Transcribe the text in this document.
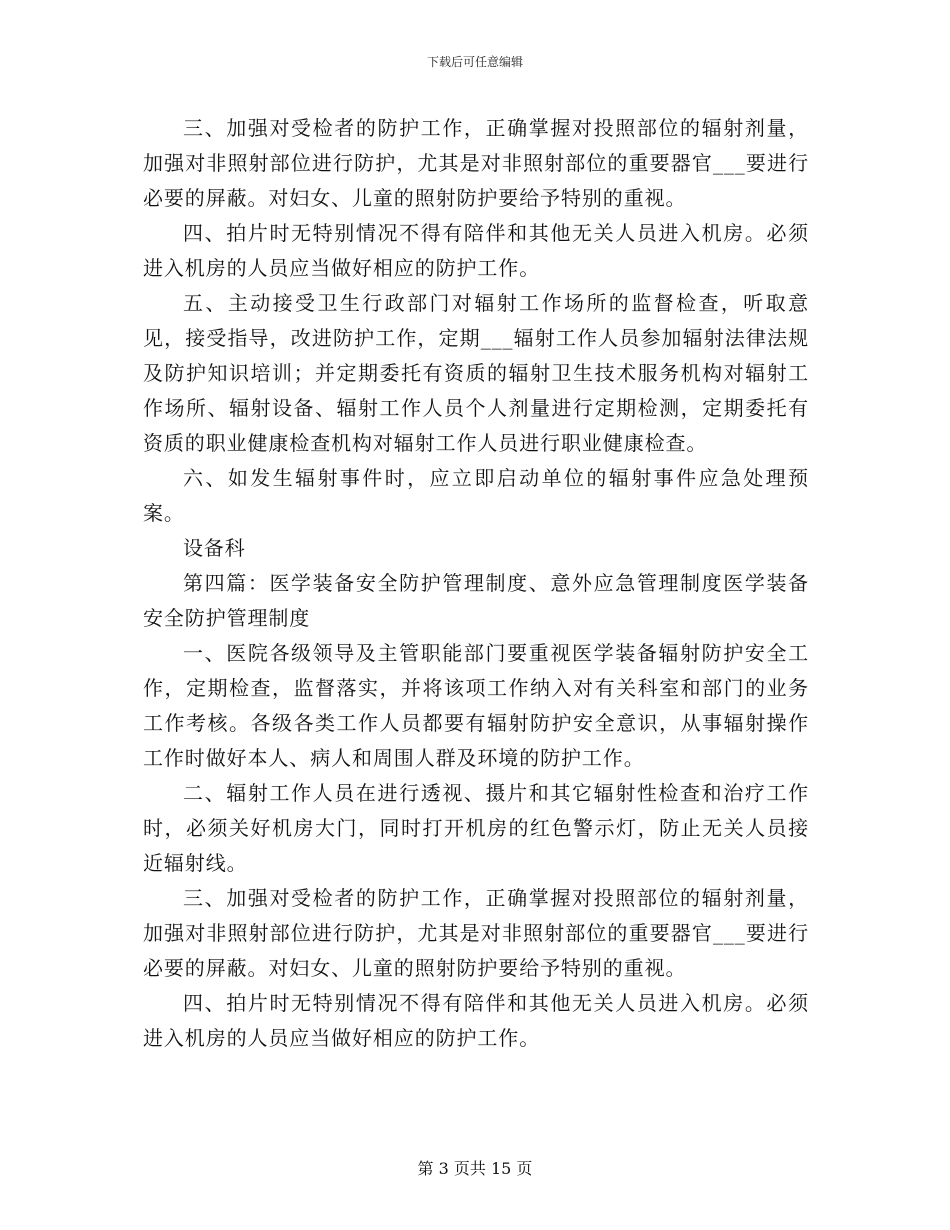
下载后可任意编辑

三、加强对受检者的防护工作，正确掌握对投照部位的辐射剂量，加强对非照射部位进行防护，尤其是对非照射部位的重要器官___要进行必要的屏蔽。对妇女、儿童的照射防护要给予特别的重视。

四、拍片时无特别情况不得有陪伴和其他无关人员进入机房。必须进入机房的人员应当做好相应的防护工作。

五、主动接受卫生行政部门对辐射工作场所的监督检查，听取意见，接受指导，改进防护工作，定期___辐射工作人员参加辐射法律法规及防护知识培训；并定期委托有资质的辐射卫生技术服务机构对辐射工作场所、辐射设备、辐射工作人员个人剂量进行定期检测，定期委托有资质的职业健康检查机构对辐射工作人员进行职业健康检查。

六、如发生辐射事件时，应立即启动单位的辐射事件应急处理预案。

设备科

第四篇：医学装备安全防护管理制度、意外应急管理制度医学装备安全防护管理制度

一、医院各级领导及主管职能部门要重视医学装备辐射防护安全工作，定期检查，监督落实，并将该项工作纳入对有关科室和部门的业务工作考核。各级各类工作人员都要有辐射防护安全意识，从事辐射操作工作时做好本人、病人和周围人群及环境的防护工作。

二、辐射工作人员在进行透视、摄片和其它辐射性检查和治疗工作时，必须关好机房大门，同时打开机房的红色警示灯，防止无关人员接近辐射线。

三、加强对受检者的防护工作，正确掌握对投照部位的辐射剂量，加强对非照射部位进行防护，尤其是对非照射部位的重要器官___要进行必要的屏蔽。对妇女、儿童的照射防护要给予特别的重视。

四、拍片时无特别情况不得有陪伴和其他无关人员进入机房。必须进入机房的人员应当做好相应的防护工作。

第 3 页共 15 页
